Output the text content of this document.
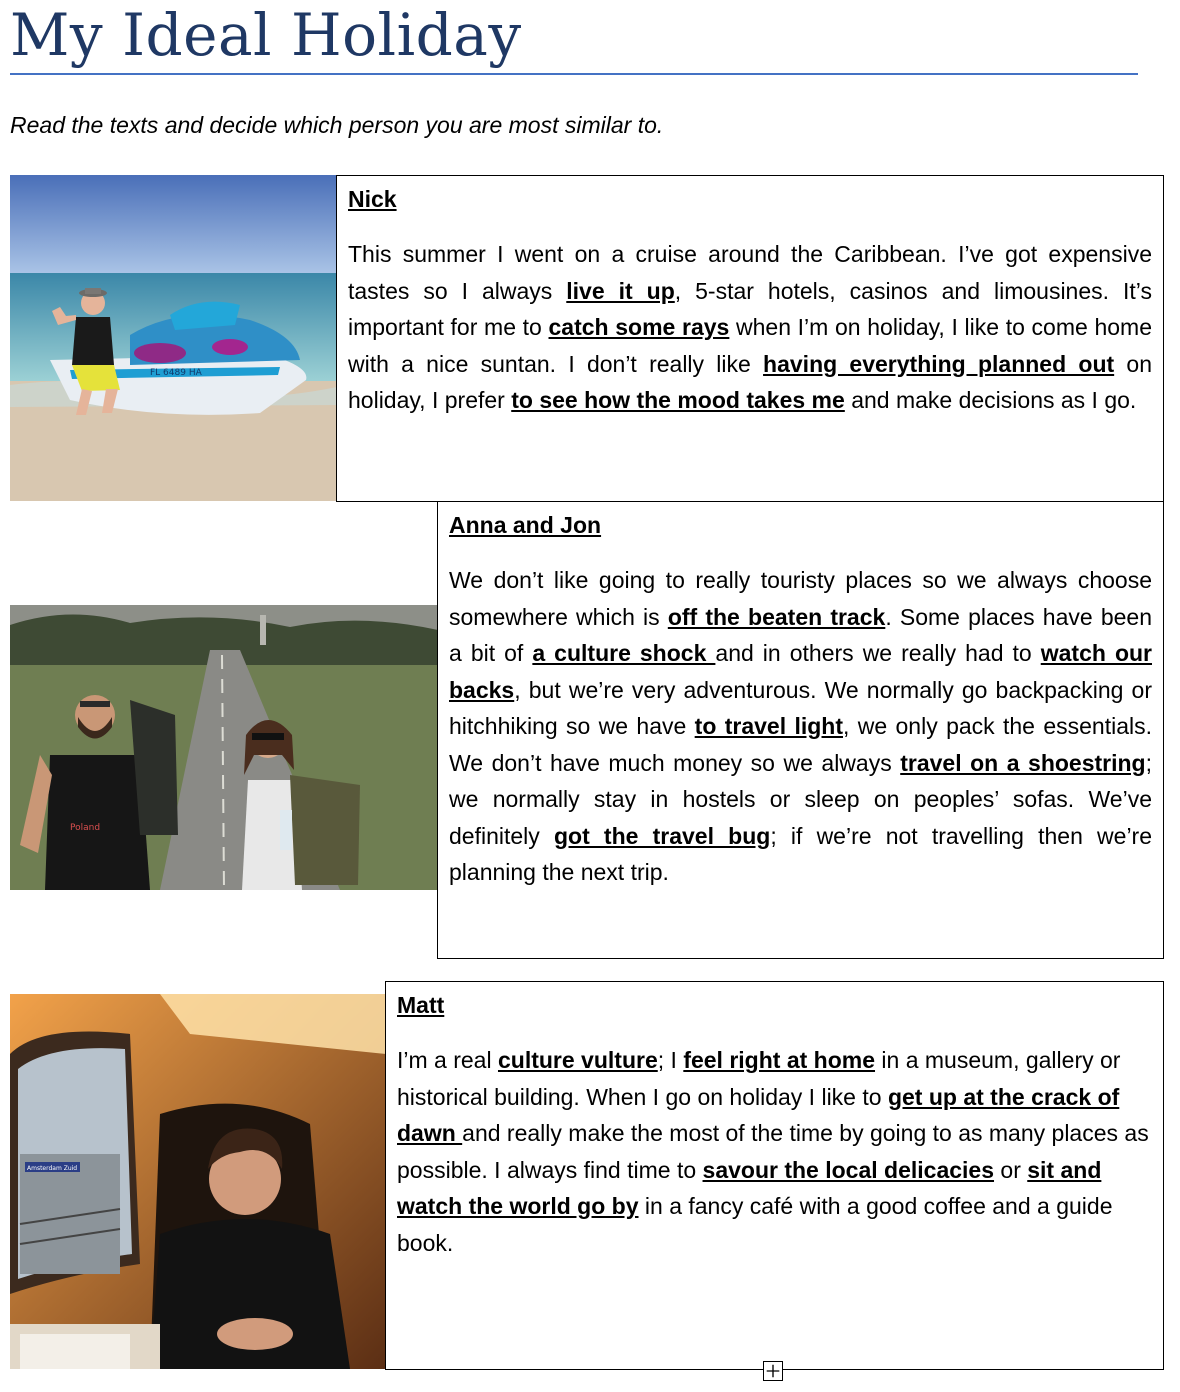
My Ideal Holiday

Read the texts and decide which person you are most similar to.

FL 6489 HA
Nick

This summer I went on a cruise around the Caribbean. I’ve got expensive tastes so I always live it up, 5-star hotels, casinos and limousines. It’s important for me to catch some rays when I’m on holiday, I like to come home with a nice suntan. I don’t really like having everything planned out on holiday, I prefer to see how the mood takes me and make decisions as I go.

Poland
Anna and Jon

We don’t like going to really touristy places so we always choose somewhere which is off the beaten track. Some places have been a bit of a culture shock and in others we really had to watch our backs, but we’re very adventurous. We normally go backpacking or hitchhiking so we have to travel light, we only pack the essentials. We don’t have much money so we always travel on a shoestring; we normally stay in hostels or sleep on peoples’ sofas. We’ve definitely got the travel bug; if we’re not travelling then we’re planning the next trip.

Amsterdam Zuid
Matt

I’m a real culture vulture; I feel right at home in a museum, gallery or historical building. When I go on holiday I like to get up at the crack of dawn and really make the most of the time by going to as many places as possible. I always find time to savour the local delicacies or sit and watch the world go by in a fancy café with a good coffee and a guide book.
